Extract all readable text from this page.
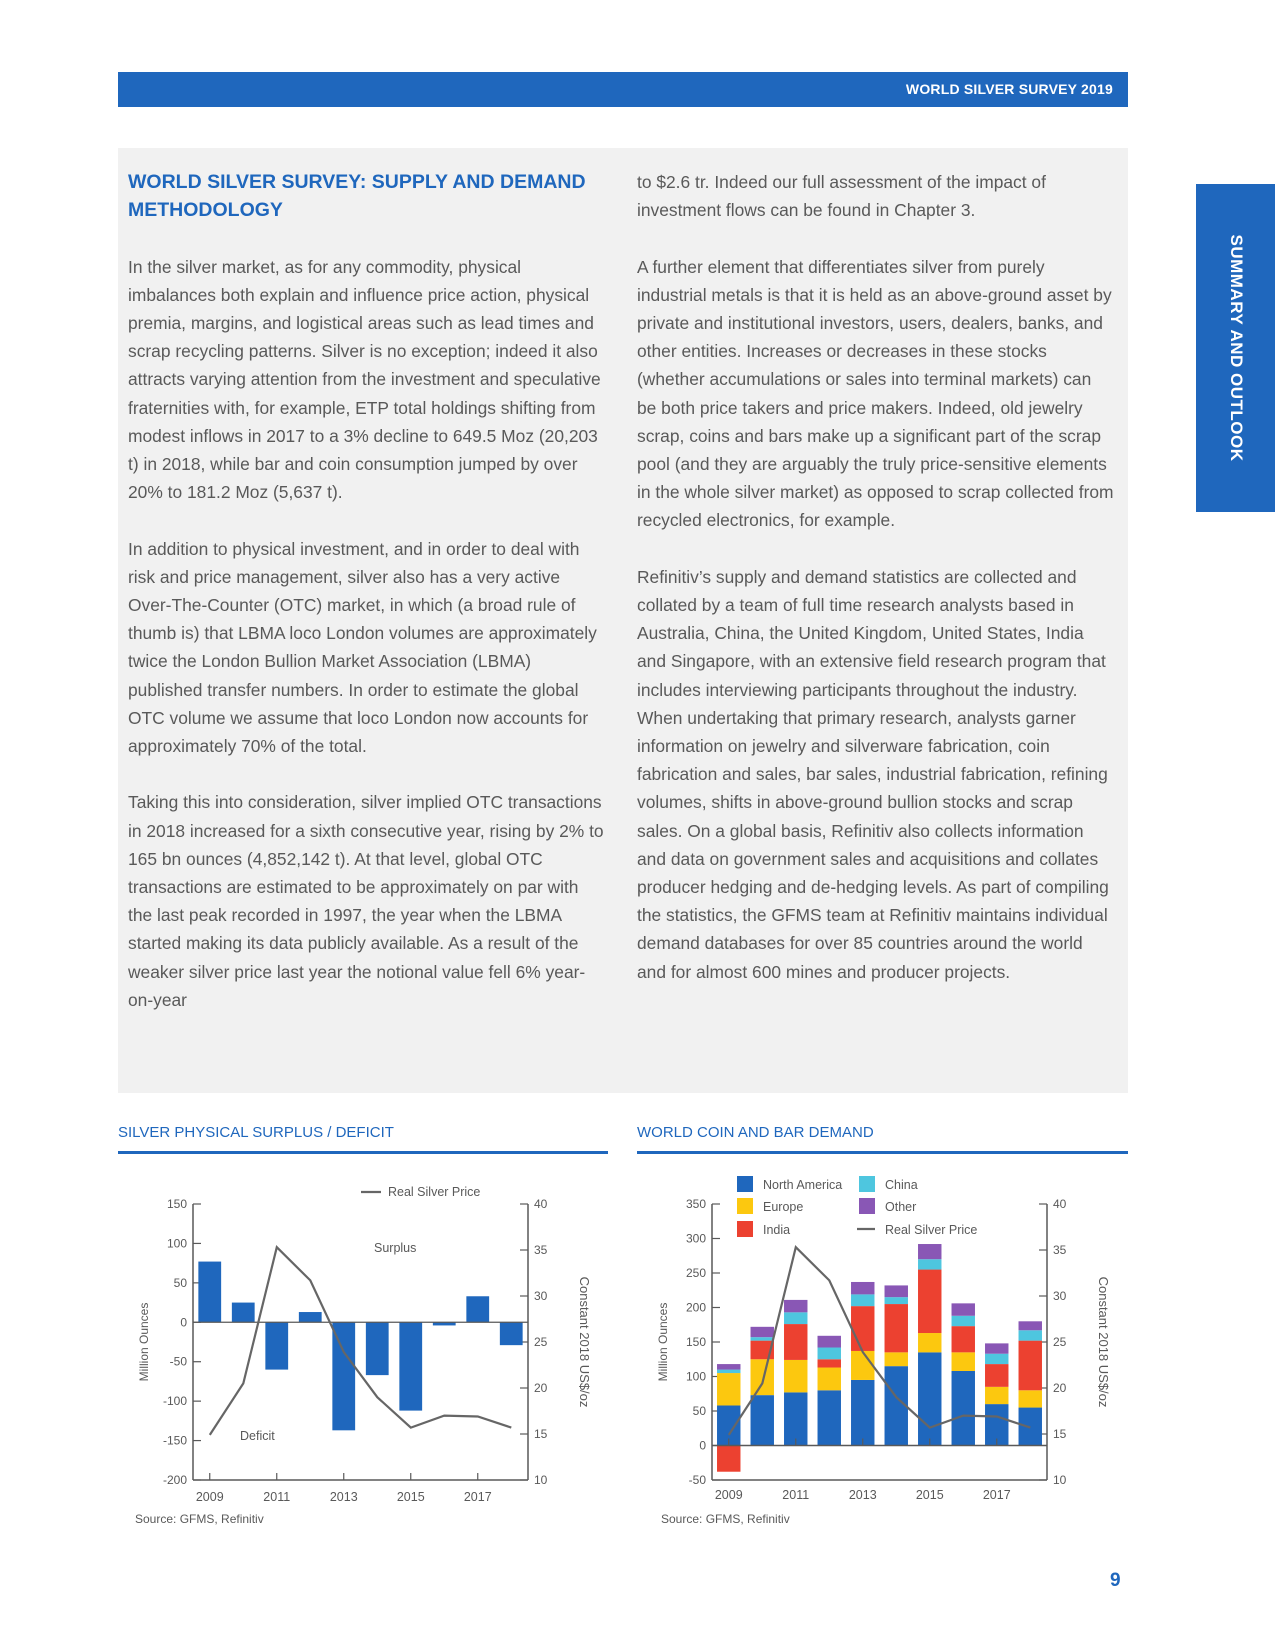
WORLD SILVER SURVEY 2019
SUMMARY AND OUTLOOK
WORLD SILVER SURVEY: SUPPLY AND DEMAND METHODOLOGY

In the silver market, as for any commodity, physical imbalances both explain and influence price action, physical premia, margins, and logistical areas such as lead times and scrap recycling patterns. Silver is no exception; indeed it also attracts varying attention from the investment and speculative fraternities with, for example, ETP total holdings shifting from modest inflows in 2017 to a 3% decline to 649.5 Moz (20,203 t) in 2018, while bar and coin consumption jumped by over 20% to 181.2 Moz (5,637 t).

In addition to physical investment, and in order to deal with risk and price management, silver also has a very active Over-The-Counter (OTC) market, in which (a broad rule of thumb is) that LBMA loco London volumes are approximately twice the London Bullion Market Association (LBMA) published transfer numbers. In order to estimate the global OTC volume we assume that loco London now accounts for approximately 70% of the total.

Taking this into consideration, silver implied OTC transactions in 2018 increased for a sixth consecutive year, rising by 2% to 165 bn ounces (4,852,142 t). At that level, global OTC transactions are estimated to be approximately on par with the last peak recorded in 1997, the year when the LBMA started making its data publicly available. As a result of the weaker silver price last year the notional value fell 6% year-on-year

to $2.6 tr. Indeed our full assessment of the impact of investment flows can be found in Chapter 3.

A further element that differentiates silver from purely industrial metals is that it is held as an above-ground asset by private and institutional investors, users, dealers, banks, and other entities. Increases or decreases in these stocks (whether accumulations or sales into terminal markets) can be both price takers and price makers. Indeed, old jewelry scrap, coins and bars make up a significant part of the scrap pool (and they are arguably the truly price-sensitive elements in the whole silver market) as opposed to scrap collected from recycled electronics, for example.

Refinitiv’s supply and demand statistics are collected and collated by a team of full time research analysts based in Australia, China, the United Kingdom, United States, India and Singapore, with an extensive field research program that includes interviewing participants throughout the industry. When undertaking that primary research, analysts garner information on jewelry and silverware fabrication, coin fabrication and sales, bar sales, industrial fabrication, refining volumes, shifts in above-ground bullion stocks and scrap sales. On a global basis, Refinitiv also collects information and data on government sales and acquisitions and collates producer hedging and de-hedging levels. As part of compiling the statistics, the GFMS team at Refinitiv maintains individual demand databases for over 85 countries around the world and for almost 600 mines and producer projects.

SILVER PHYSICAL SURPLUS / DEFICIT
150
100
50
0
-50
-100
-150
-200
40
35
30
25
20
15
10
Million Ounces	Constant 2018 US$/oz
2009	2011	2013	2015	2017
Real Silver Price
Surplus
Deficit
Source: GFMS, Refinitiv
WORLD COIN AND BAR DEMAND
350
300
250
200
150
100
50
0
-50
40
35
30
25
20
15
10
Million Ounces	Constant 2018 US$/oz
2009	2011	2013	2015	2017
North America	China
Europe	Other
India	Real Silver Price
Source: GFMS, Refinitiv
9
